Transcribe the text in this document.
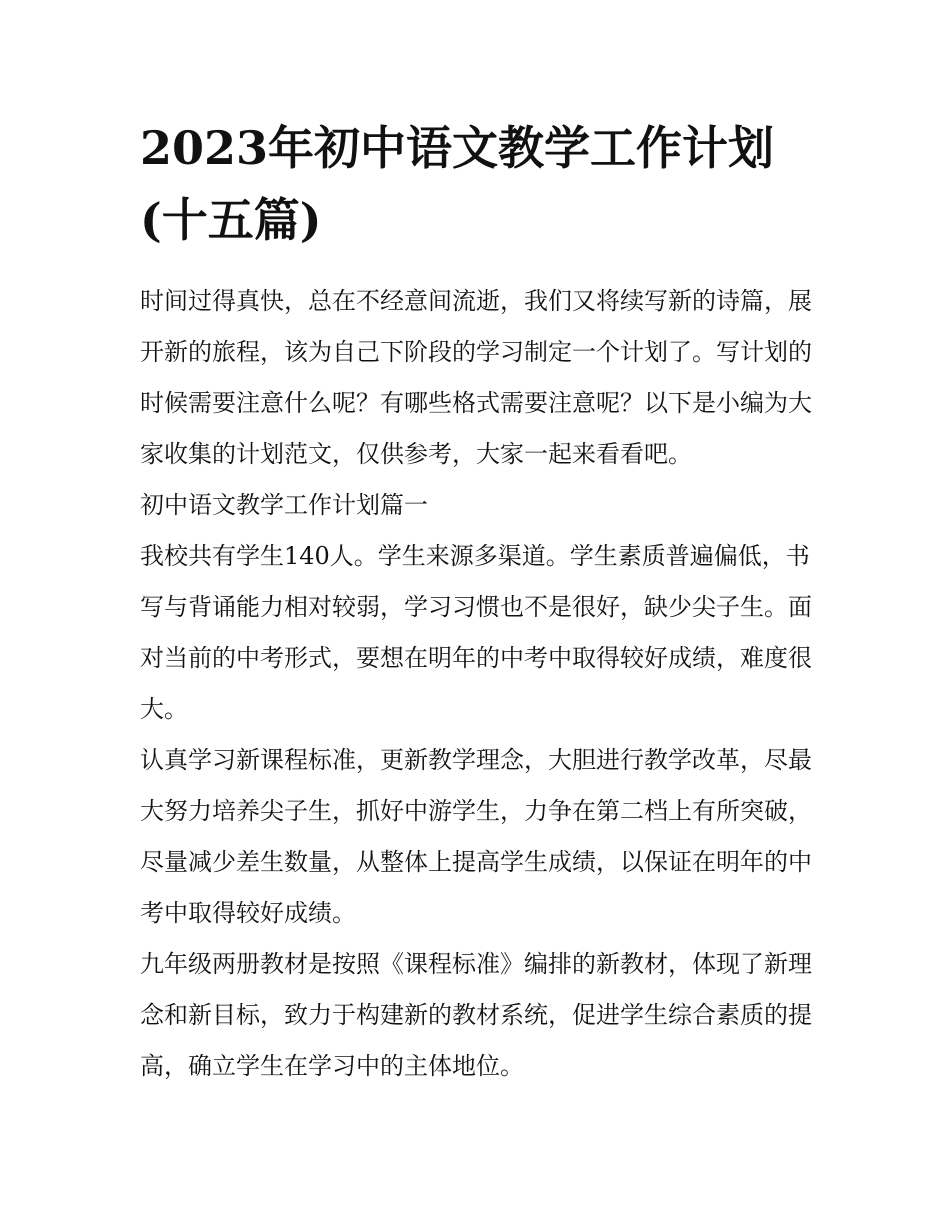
2023年初中语文教学工作计划
(十五篇)

时间过得真快，总在不经意间流逝，我们又将续写新的诗篇，展开新的旅程，该为自己下阶段的学习制定一个计划了。写计划的时候需要注意什么呢？有哪些格式需要注意呢？以下是小编为大家收集的计划范文，仅供参考，大家一起来看看吧。

初中语文教学工作计划篇一

我校共有学生140人。学生来源多渠道。学生素质普遍偏低，书写与背诵能力相对较弱，学习习惯也不是很好，缺少尖子生。面对当前的中考形式，要想在明年的中考中取得较好成绩，难度很大。

认真学习新课程标准，更新教学理念，大胆进行教学改革，尽最大努力培养尖子生，抓好中游学生，力争在第二档上有所突破，尽量减少差生数量，从整体上提高学生成绩，以保证在明年的中考中取得较好成绩。

九年级两册教材是按照《课程标准》编排的新教材，体现了新理念和新目标，致力于构建新的教材系统，促进学生综合素质的提高，确立学生在学习中的主体地位。
